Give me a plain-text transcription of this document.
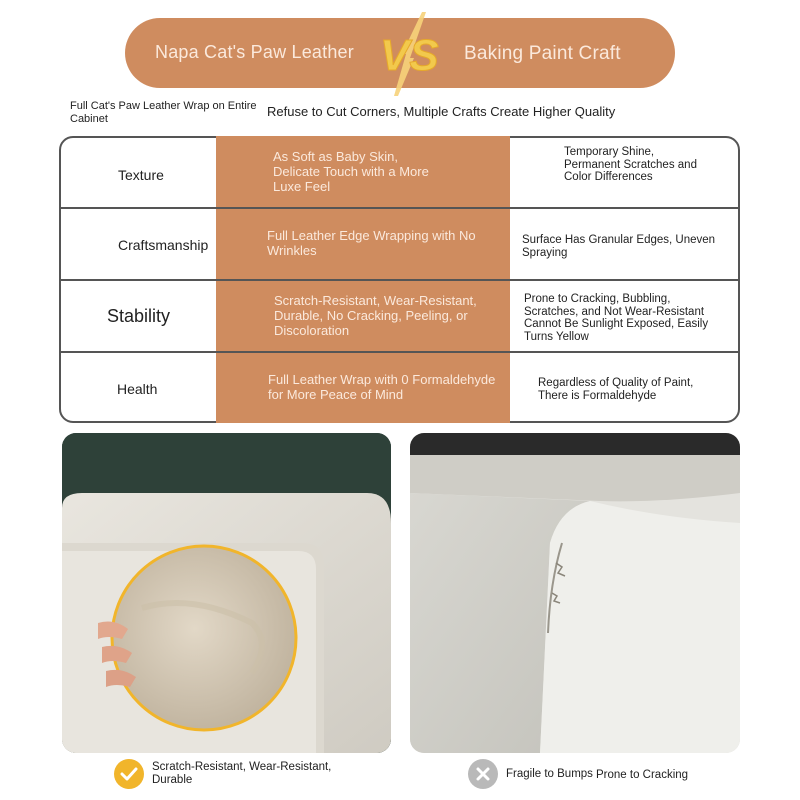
Napa Cat's Paw Leather	Baking Paint Craft
VS
Full Cat's Paw Leather Wrap on Entire Cabinet	Refuse to Cut Corners, Multiple Crafts Create Higher Quality
Texture
As Soft as Baby Skin, Delicate Touch with a More Luxe Feel
Temporary Shine, Permanent Scratches and Color Differences
Craftsmanship
Full Leather Edge Wrapping with No Wrinkles
Surface Has Granular Edges, Uneven Spraying
Stability
Scratch-Resistant, Wear-Resistant, Durable, No Cracking, Peeling, or Discoloration
Prone to Cracking, Bubbling, Scratches, and Not Wear-Resistant Cannot Be Sunlight Exposed, Easily Turns Yellow
Health
Full Leather Wrap with 0 Formaldehyde for More Peace of Mind
Regardless of Quality of Paint, There is Formaldehyde
Scratch-Resistant, Wear-Resistant, Durable	Fragile to Bumps Prone to Cracking
